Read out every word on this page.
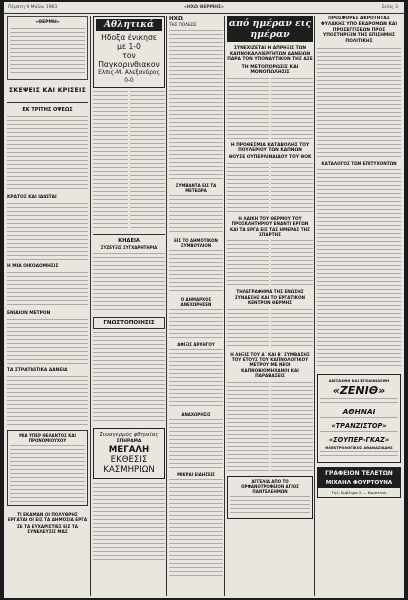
Πέμπτη 9 Μαΐου 1963	«ΗΧΩ ΘΕΡΜΗΣ»	Σελίς 3
«ΘΕΡΜΗ»
ΣΚΕΨΕΙΣ ΚΑΙ ΚΡΙΣΕΙΣ
ΕΚ ΤΡΙΤΗΣ ΟΨΕΩΣ
ΚΡΑΤΟΣ ΚΑΙ ΙΔΙΩΤΑΙ
Η ΜΙΑ ΟΙΚΟΔΟΜΗΣΙΣ
ΕΝΙΑΙΟΝ ΜΕΤΡΟΝ
ΤΑ ΣΤΡΑΤΙΩΤΙΚΑ ΔΑΝΕΙΑ
ΜΙΑ ΥΠΕΡ ΘΕΛΑΝΤΟΣ ΚΑΙ ΠΡΟΝΟΜΙΟΥΧΟΥ
ΤΙ ΕΚΑΜΑΝ ΟΙ ΠΟΛΥΘΡΗΣ ΕΡΓΑΤΑΙ ΟΙ ΕΙΣ ΤΑ ΔΗΜΟΣΙΑ ΕΡΓΑ
ΣΕ ΤΑ ΕΥΧΑΡΙΣΤΙΕΣ ΕΙΣ ΤΑ ΣΥΝΕΛΕΥΣΙΣ ΜΑΣ
Αθλητικά
Ηδοξα ένικησε με 1-0
τον Παγκορινθιακον
Ελπις-Μ. Αλεξανδρος 0-0
ΚΗΔΕΙΑ
ΣΥΖΕΥΞΙΣ ΣΥΓΧΑΡΗΤΗΡΙΑ
ΓΝΩΣΤΟΠΟΙΗΣΙΣ
Συναγερμός φθηνείας
ΣΠΗΡΑΜΑ
ΜΕΓΑΛΗ
ΕΚΘΕΣΙΣ
ΚΑΣΜΗΡΙΩΝ
ΗΧΩ
ΤΗΣ ΠΟΛΕΩΣ
ΣΥΜΒΑΝΤΑ ΕΙΣ ΤΑ ΜΕΤΕΩΡΑ
ΕΙΣ ΤΟ ΔΗΜΟΤΙΚΟΝ ΣΥΜΒΟΥΛΙΟΝ
Ο ΔΗΜΑΡΧΟΣ ΑΝΕΧΩΡΗΣΕΝ
ΑΦΙΞΙΣ ΑΡΧΗΓΟΥ
ΑΝΑΧΩΡΗΣΙΣ
ΜΙΚΡΑΙ ΕΙΔΗΣΕΙΣ
από ημέραν εις ημέραν
ΣΥΝΕΧΙΖΕΤΑΙ Η ΑΠΡΗΞΙΣ ΤΩΝ ΚΑΠΝΟΚΑΛΛΙΕΡΓΗΤΩΝ ΔΑΝΕΙΩΝ ΠΑΡΑ ΤΟΝ ΥΠΟΝΑΥΤΙΚΟΝ ΤΗΣ ΑΣΕ
ΤΗ ΜΕΤΟΠΟΡΩΣΙΣ ΚΑΙ ΜΟΝΟΠΩΛΗΣΙΣ
Η ΠΡΟΘΕΣΜΙΑ ΚΑΤΑΒΟΛΗΣ ΤΟΥ ΠΟΥΛΕΡΙΟΥ ΤΩΝ ΚΑΠΝΩΝ
ΘΟΥΣΕ ΟΥΠΕΡΛΙΝΑΙΔΟΥ ΤΟΥ ΘΟΚ
Η ΛΑΙΚΗ ΤΟΥ ΘΕΡΜΟΥ ΤΟΥ ΠΡΟΣΚΛΗΤΗΡΙΟΥ ΕΝΑΝΤΙ ΕΡΓΩΝ ΚΑΙ ΤΑ ΕΡΓΑ ΕΙΣ ΤΑΣ ΗΜΕΡΑΣ ΤΗΣ ΣΠΑΡΤΗΣ
ΤΗΛΕΓΡΑΦΗΜΑ ΤΗΣ ΕΝΩΣΗΣ ΣΥΝΔΕΣΗΣ ΚΑΙ ΤΟ ΕΡΓΑΤΙΚΟΝ ΚΕΝΤΡΟΝ ΘΕΡΜΗΣ
Η ΛΗΞΙΣ ΤΟΥ Α΄ ΚΑΙ Β΄ ΣΥΜΒΑΣΗΣ ΤΟΥ ΕΤΟΥΣ ΤΟΥ ΚΑΠΝΟΛΟΓΙΚΟΥ ΜΕΤΡΟΥ ΜΕ ΝΕΟΙ ΚΑΠΝΟΒΙΟΜΗΧΑΝΟΙ ΚΑΙ ΠΑΡΑΒΑΣΕΙΣ
ΑΓΓΕΛΙΑ ΑΠΟ ΤΟ ΟΡΦΑΝΟΤΡΟΦΕΙΟΝ ΑΓΙΟΣ ΠΑΝΤΕΛΕΗΜΩΝ
ΠΡΟΣΦΟΡΕΣ ΑΚΡΟΤΗΤΑΣ ΦΥΛΑΚΗΣ ΥΠΟ ΕΚΔΡΟΜΩΝ ΚΑΙ ΠΡΟΣΕΓΓΙΣΕΩΝ ΠΡΟΣ ΥΠΟΣΤΗΡΙΞΙΝ ΤΗΣ ΕΠΙΣΗΜΗΣ ΠΟΛΙΤΙΚΗΣ
ΚΑΤΑΛΟΓΟΣ ΤΩΝ ΕΠΙΤΥΧΟΝΤΩΝ
ΔΙΕΞΑΧΘΗ ΚΑΙ ΕΓΚΑΙΝΙΑΣΘΗ
«ΖΕΝΙΘ»
ΑΘΗΝΑΙ
«ΤΡΑΝΖΙΣΤΟΡ»
«ΣΟΥΠΕΡ-ΓΚΑΖ»
ΗΛΕΚΤΡΟΛΟΓΙΚΟΣ ΑΘΑΝΑΣΙΑΔΗΣ
ΓΡΑΦΕΙΟΝ ΤΕΛΕΤΩΝ
ΜΙΧΑΗΛ ΦΟΥΡΤΟΥΝΑ
Τηλ. Εμβλημα 5 — Κομοτηνή
